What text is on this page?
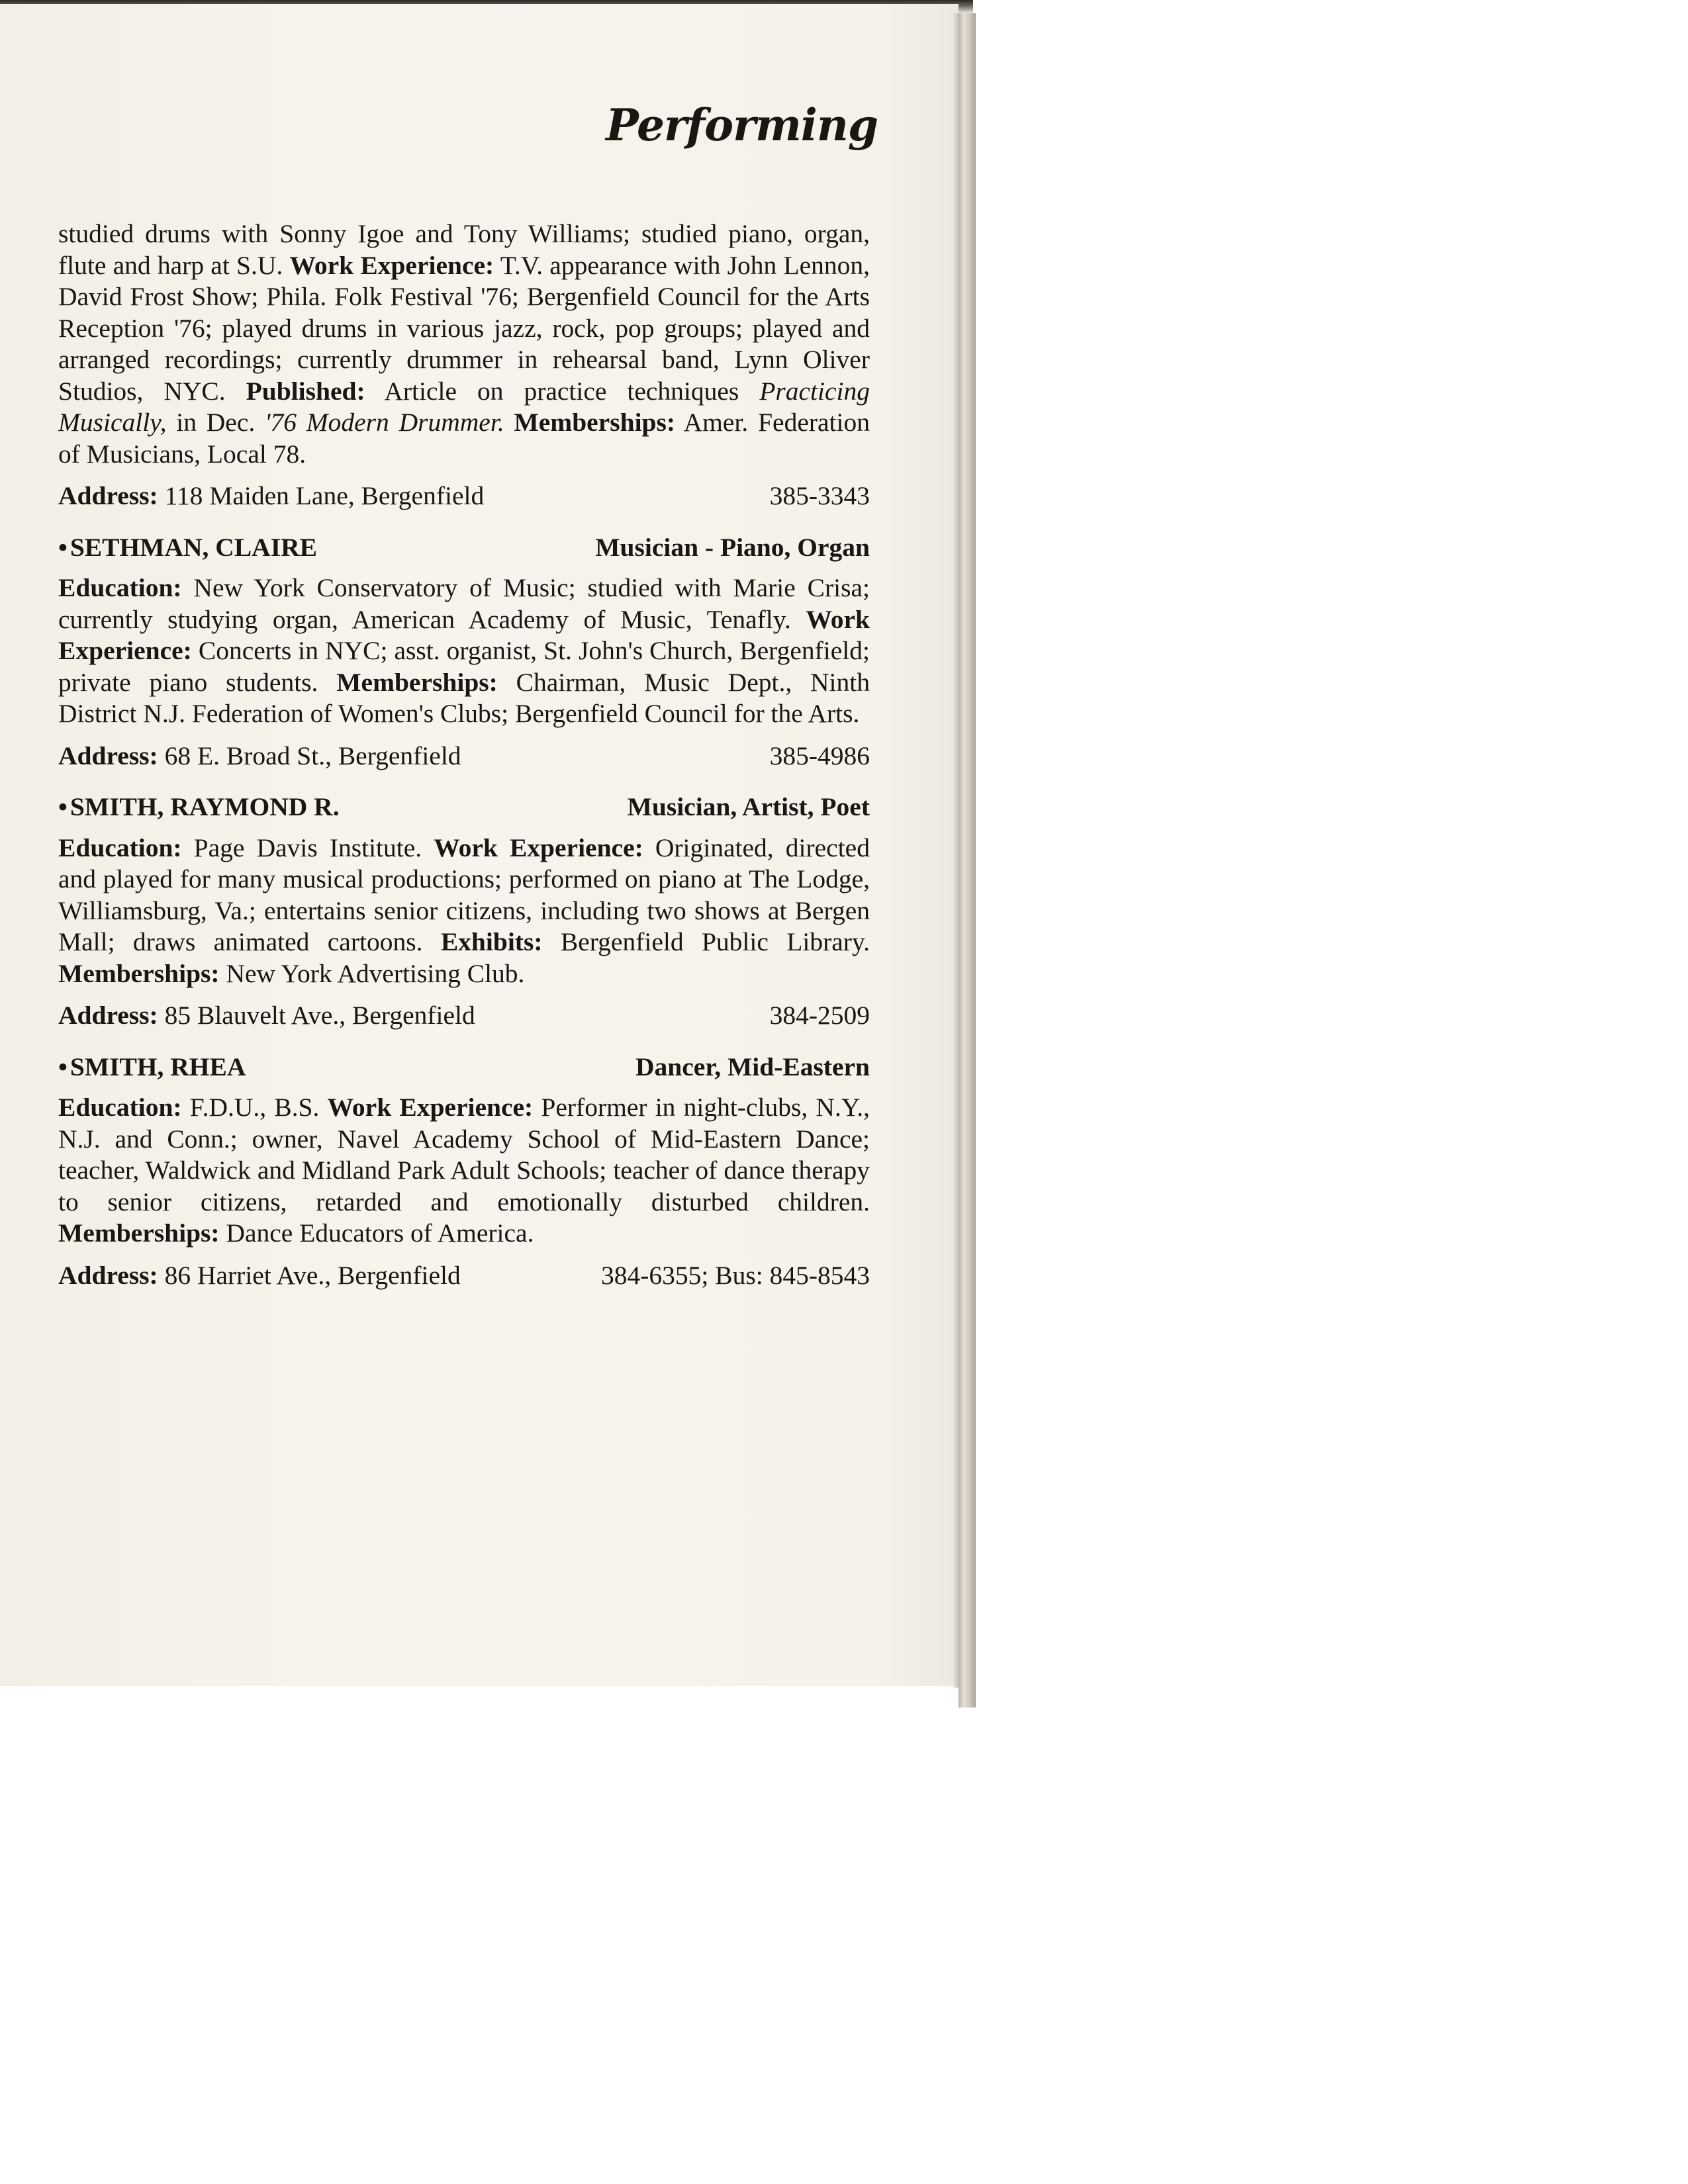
Performing

studied drums with Sonny Igoe and Tony Williams; studied piano, organ, flute and harp at S.U. Work Experience: T.V. appearance with John Lennon, David Frost Show; Phila. Folk Festival '76; Bergenfield Council for the Arts Reception '76; played drums in various jazz, rock, pop groups; played and arranged recordings; currently drummer in rehearsal band, Lynn Oliver Studios, NYC. Published: Article on practice techniques Practicing Musically, in Dec. '76 Modern Drummer. Memberships: Amer. Federation of Musicians, Local 78.

Address: 118 Maiden Lane, Bergenfield	385-3343
• SETHMAN, CLAIRE	Musician - Piano, Organ

Education: New York Conservatory of Music; studied with Marie Crisa; currently studying organ, American Academy of Music, Tenafly. Work Experience: Concerts in NYC; asst. organist, St. John's Church, Bergenfield; private piano students. Memberships: Chairman, Music Dept., Ninth District N.J. Federation of Women's Clubs; Bergenfield Council for the Arts.

Address: 68 E. Broad St., Bergenfield	385-4986
• SMITH, RAYMOND R.	Musician, Artist, Poet

Education: Page Davis Institute. Work Experience: Originated, directed and played for many musical productions; performed on piano at The Lodge, Williamsburg, Va.; entertains senior citizens, including two shows at Bergen Mall; draws animated cartoons. Exhibits: Bergenfield Public Library. Memberships: New York Advertising Club.

Address: 85 Blauvelt Ave., Bergenfield	384-2509
• SMITH, RHEA	Dancer, Mid-Eastern

Education: F.D.U., B.S. Work Experience: Performer in night-clubs, N.Y., N.J. and Conn.; owner, Navel Academy School of Mid-Eastern Dance; teacher, Waldwick and Midland Park Adult Schools; teacher of dance therapy to senior citizens, retarded and emotionally disturbed children. Memberships: Dance Educators of America.

Address: 86 Harriet Ave., Bergenfield	384-6355; Bus: 845-8543
